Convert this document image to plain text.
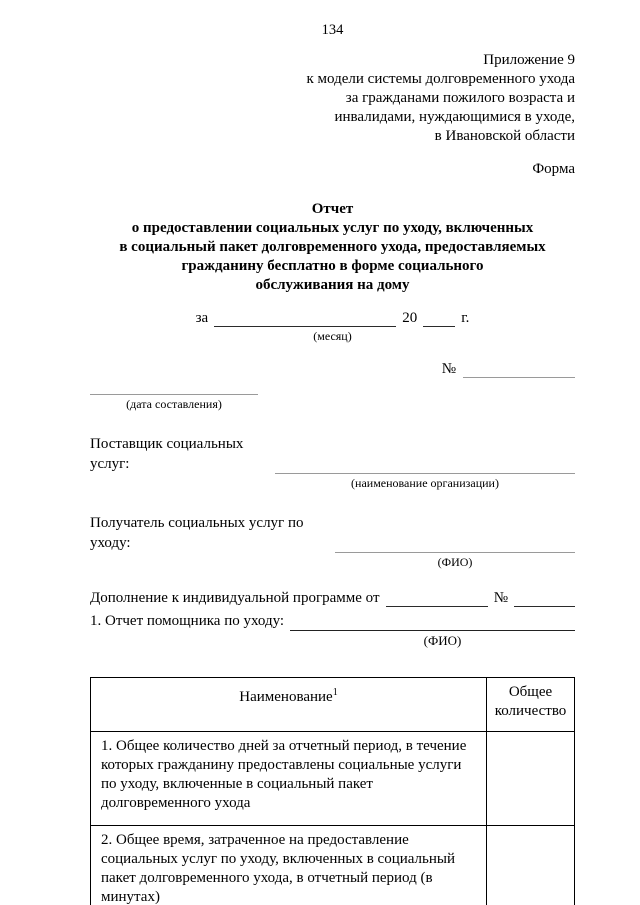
134
Приложение 9
к модели системы долговременного ухода
за гражданами пожилого возраста и
инвалидами, нуждающимися в уходе,
в Ивановской области
Форма
Отчет
о предоставлении социальных услуг по уходу, включенных
в социальный пакет долговременного ухода, предоставляемых
гражданину бесплатно в форме социального
обслуживания на дому
за	20	г.
(месяц)
№
(дата составления)
Поставщик социальных услуг:
(наименование организации)
Получатель социальных услуг по уходу:
(ФИО)
Дополнение к индивидуальной программе от	№
1. Отчет помощника по уходу:
(ФИО)
Наименование$^1$	Общее количество
1. Общее количество дней за отчетный период, в течение которых гражданину предоставлены социальные услуги по уходу, включенные в социальный пакет долговременного ухода	
2. Общее время, затраченное на предоставление социальных услуг по уходу, включенных в социальный пакет долговременного ухода, в отчетный период (в минутах)	
